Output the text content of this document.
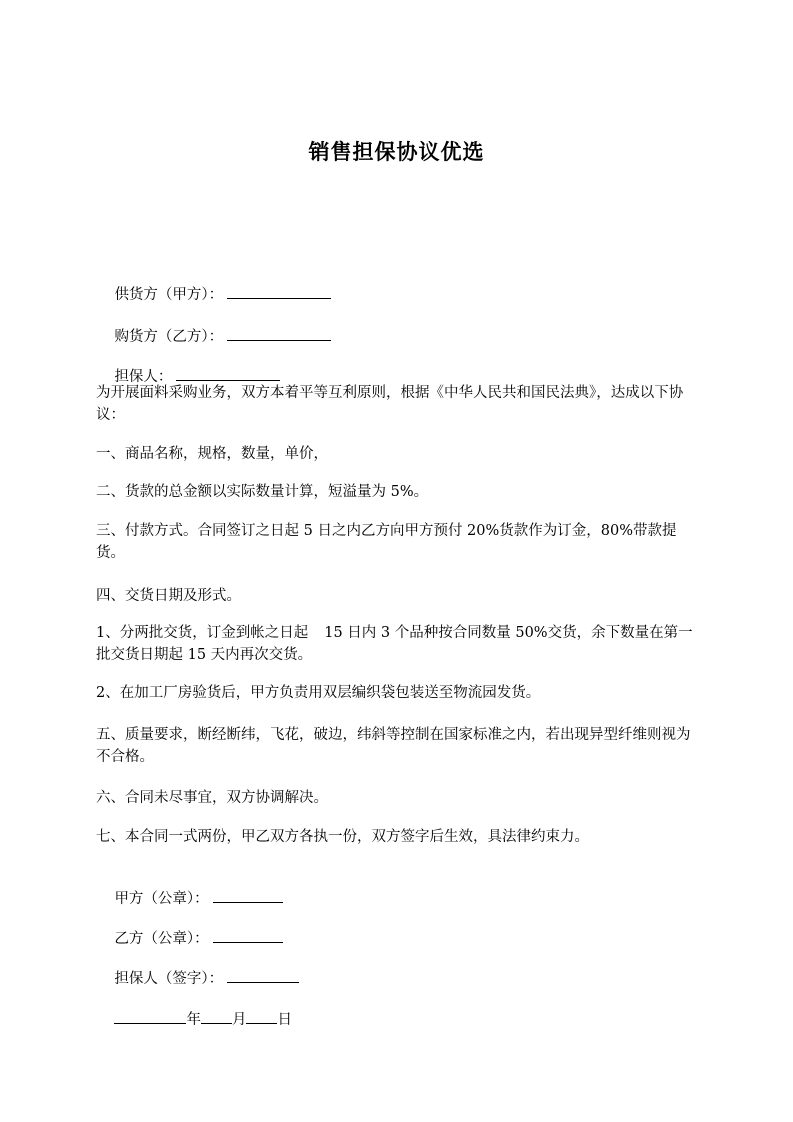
销售担保协议优选

供货方（甲方）：

购货方（乙方）：

担保人：

为开展面料采购业务，双方本着平等互利原则，根据《中华人民共和国民法典》，达成以下协议：
一、商品名称，规格，数量，单价，
二、货款的总金额以实际数量计算，短溢量为 5%。
三、付款方式。合同签订之日起 5 日之内乙方向甲方预付 20%货款作为订金，80%带款提货。
四、交货日期及形式。
1、分两批交货，订金到帐之日起 15 日内 3 个品种按合同数量 50%交货，余下数量在第一批交货日期起 15 天内再次交货。
2、在加工厂房验货后，甲方负责用双层编织袋包装送至物流园发货。
五、质量要求，断经断纬，飞花，破边，纬斜等控制在国家标准之内，若出现异型纤维则视为不合格。
六、合同未尽事宜，双方协调解决。
七、本合同一式两份，甲乙双方各执一份，双方签字后生效，具法律约束力。

甲方（公章）：

乙方（公章）：

担保人（签字）：

年 月 日
